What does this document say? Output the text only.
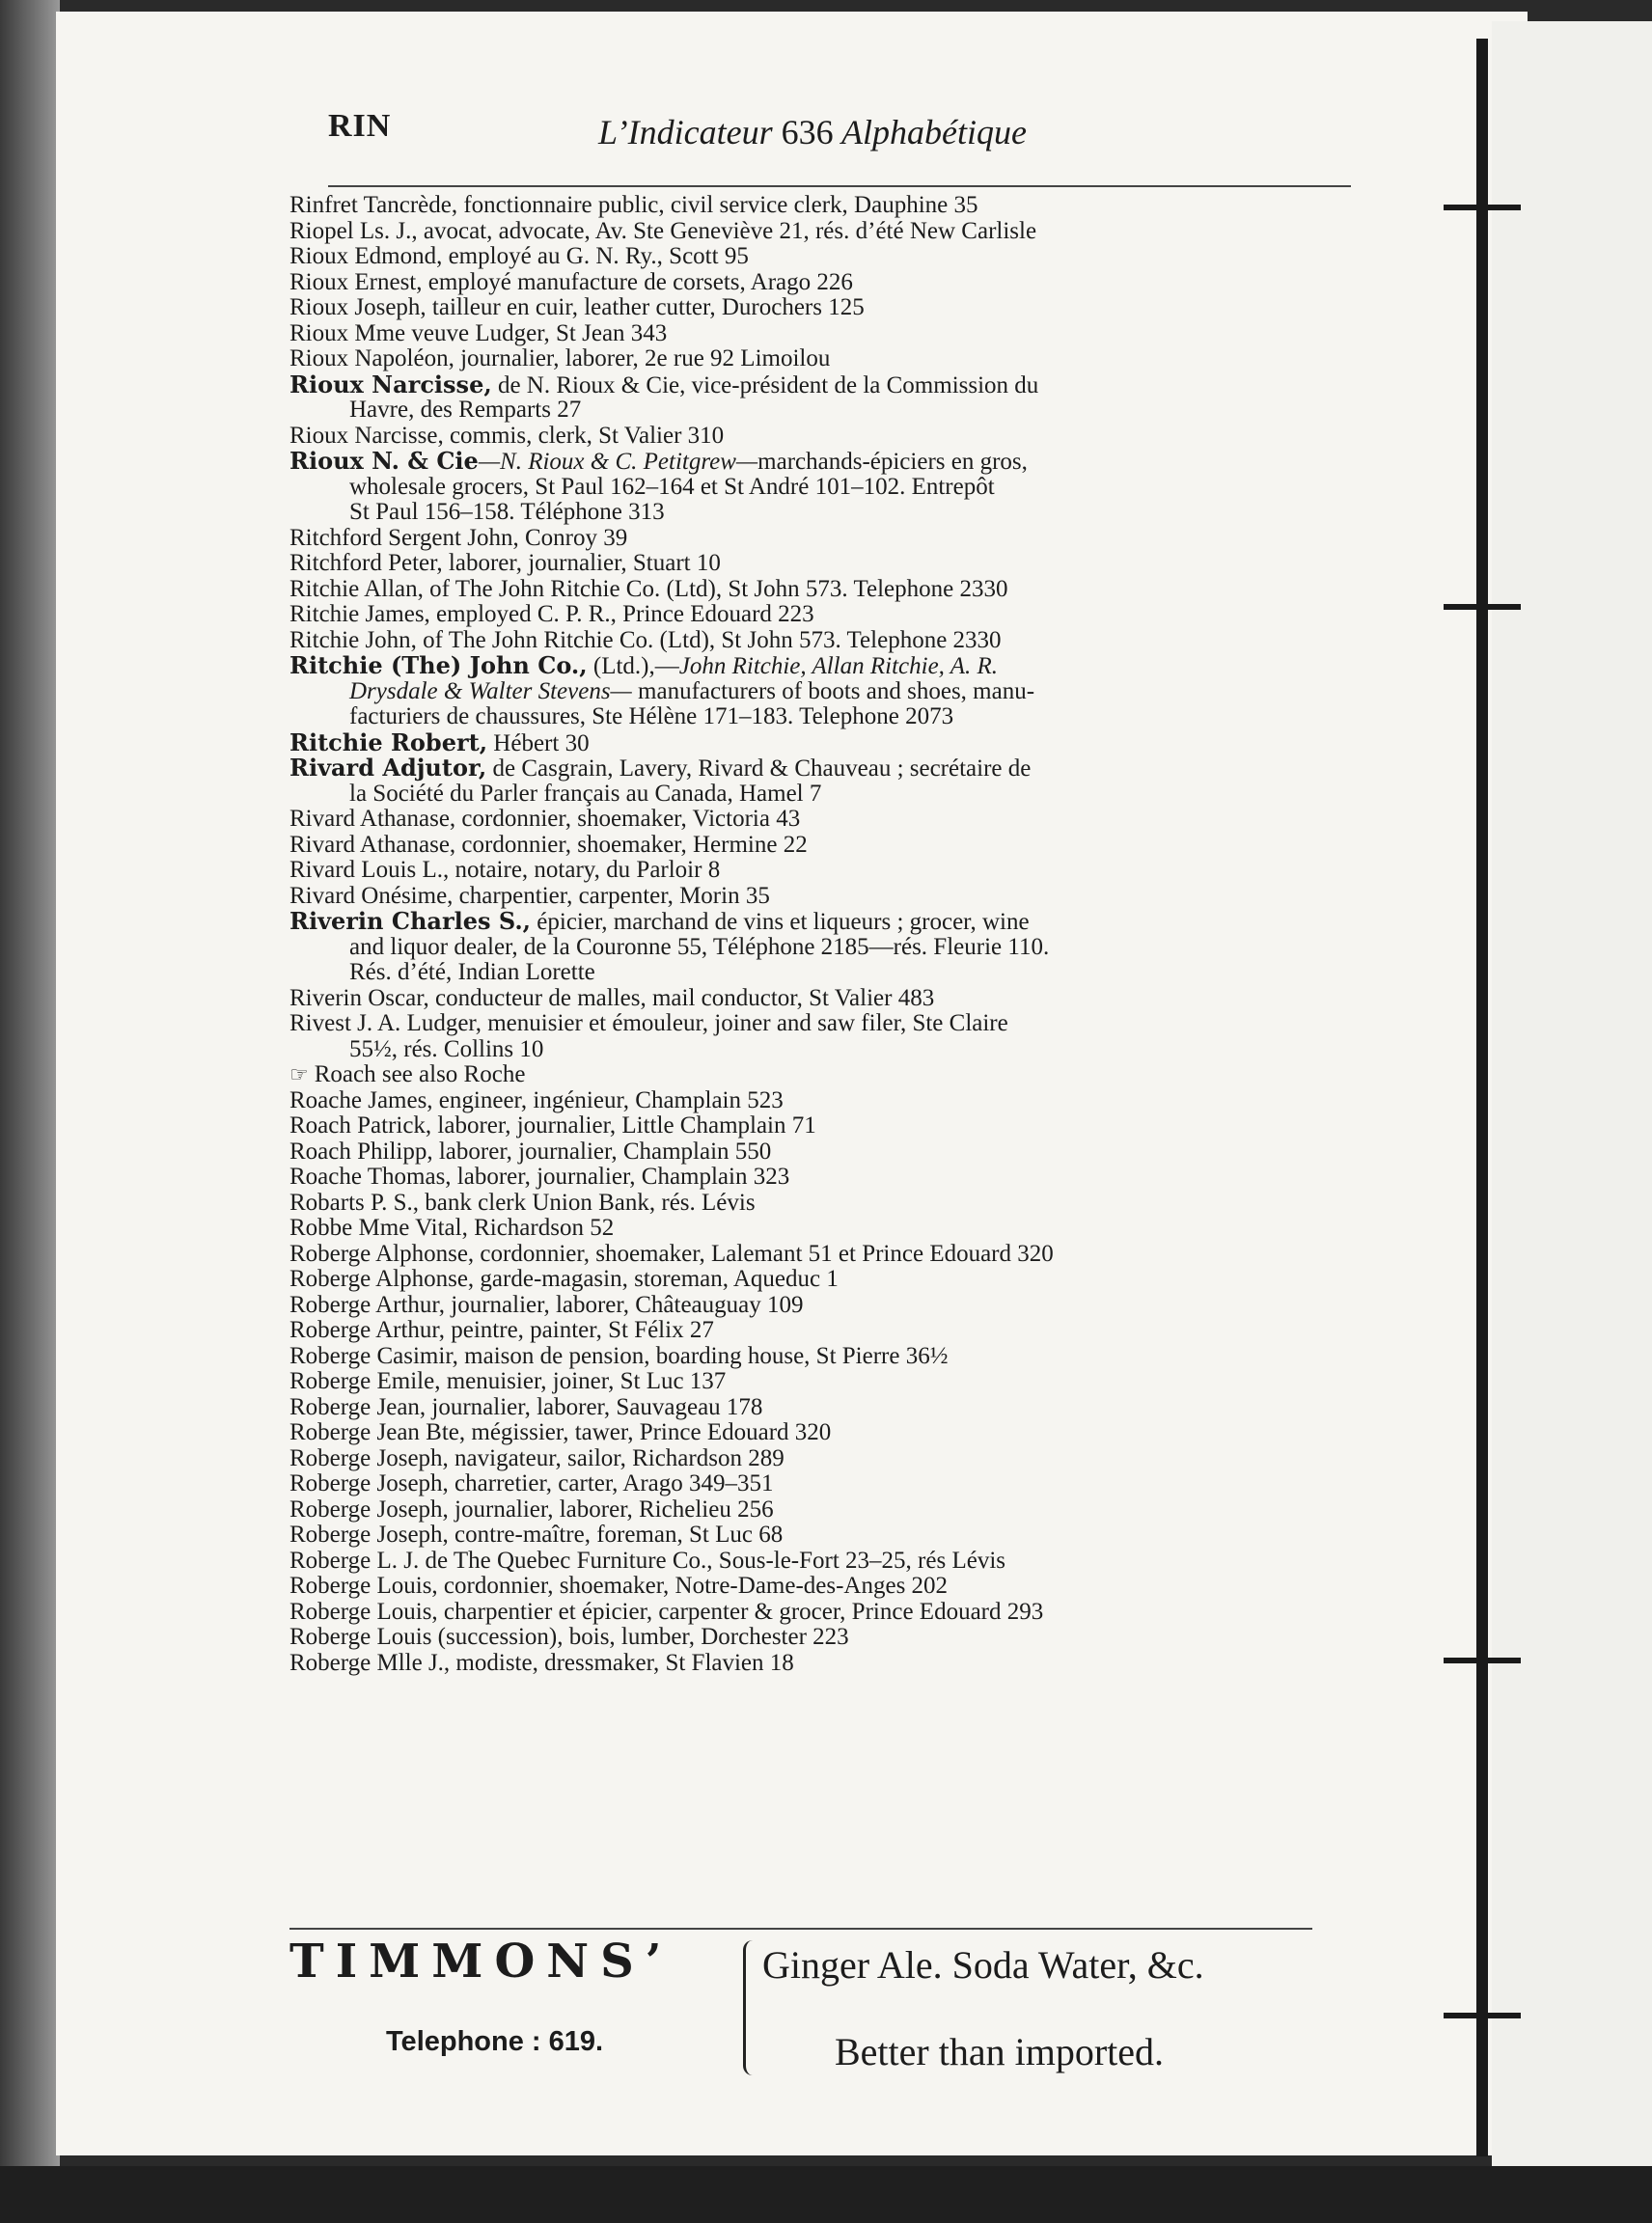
RIN	L’Indicateur 636 Alphabétique
Rinfret Tancrède, fonctionnaire public, civil service clerk, Dauphine 35
Riopel Ls. J., avocat, advocate, Av. Ste Geneviève 21, rés. d’été New Carlisle
Rioux Edmond, employé au G. N. Ry., Scott 95
Rioux Ernest, employé manufacture de corsets, Arago 226
Rioux Joseph, tailleur en cuir, leather cutter, Durochers 125
Rioux Mme veuve Ludger, St Jean 343
Rioux Napoléon, journalier, laborer, 2e rue 92 Limoilou
Rioux Narcisse, de N. Rioux & Cie, vice-président de la Commission du
Havre, des Remparts 27
Rioux Narcisse, commis, clerk, St Valier 310
Rioux N. & Cie—N. Rioux & C. Petitgrew—marchands-épiciers en gros,
wholesale grocers, St Paul 162–164 et St André 101–102. Entrepôt
St Paul 156–158. Téléphone 313
Ritchford Sergent John, Conroy 39
Ritchford Peter, laborer, journalier, Stuart 10
Ritchie Allan, of The John Ritchie Co. (Ltd), St John 573. Telephone 2330
Ritchie James, employed C. P. R., Prince Edouard 223
Ritchie John, of The John Ritchie Co. (Ltd), St John 573. Telephone 2330
Ritchie (The) John Co., (Ltd.),—John Ritchie, Allan Ritchie, A. R.
Drysdale & Walter Stevens— manufacturers of boots and shoes, manu-
facturiers de chaussures, Ste Hélène 171–183. Telephone 2073
Ritchie Robert, Hébert 30
Rivard Adjutor, de Casgrain, Lavery, Rivard & Chauveau ; secrétaire de
la Société du Parler français au Canada, Hamel 7
Rivard Athanase, cordonnier, shoemaker, Victoria 43
Rivard Athanase, cordonnier, shoemaker, Hermine 22
Rivard Louis L., notaire, notary, du Parloir 8
Rivard Onésime, charpentier, carpenter, Morin 35
Riverin Charles S., épicier, marchand de vins et liqueurs ; grocer, wine
and liquor dealer, de la Couronne 55, Téléphone 2185—rés. Fleurie 110.
Rés. d’été, Indian Lorette
Riverin Oscar, conducteur de malles, mail conductor, St Valier 483
Rivest J. A. Ludger, menuisier et émouleur, joiner and saw filer, Ste Claire
55½, rés. Collins 10
☞ Roach see also Roche
Roache James, engineer, ingénieur, Champlain 523
Roach Patrick, laborer, journalier, Little Champlain 71
Roach Philipp, laborer, journalier, Champlain 550
Roache Thomas, laborer, journalier, Champlain 323
Robarts P. S., bank clerk Union Bank, rés. Lévis
Robbe Mme Vital, Richardson 52
Roberge Alphonse, cordonnier, shoemaker, Lalemant 51 et Prince Edouard 320
Roberge Alphonse, garde-magasin, storeman, Aqueduc 1
Roberge Arthur, journalier, laborer, Châteauguay 109
Roberge Arthur, peintre, painter, St Félix 27
Roberge Casimir, maison de pension, boarding house, St Pierre 36½
Roberge Emile, menuisier, joiner, St Luc 137
Roberge Jean, journalier, laborer, Sauvageau 178
Roberge Jean Bte, mégissier, tawer, Prince Edouard 320
Roberge Joseph, navigateur, sailor, Richardson 289
Roberge Joseph, charretier, carter, Arago 349–351
Roberge Joseph, journalier, laborer, Richelieu 256
Roberge Joseph, contre-maître, foreman, St Luc 68
Roberge L. J. de The Quebec Furniture Co., Sous-le-Fort 23–25, rés Lévis
Roberge Louis, cordonnier, shoemaker, Notre-Dame-des-Anges 202
Roberge Louis, charpentier et épicier, carpenter & grocer, Prince Edouard 293
Roberge Louis (succession), bois, lumber, Dorchester 223
Roberge Mlle J., modiste, dressmaker, St Flavien 18
TIMMONS’
Telephone : 619.
Ginger Ale. Soda Water, &c.
Better than imported.
